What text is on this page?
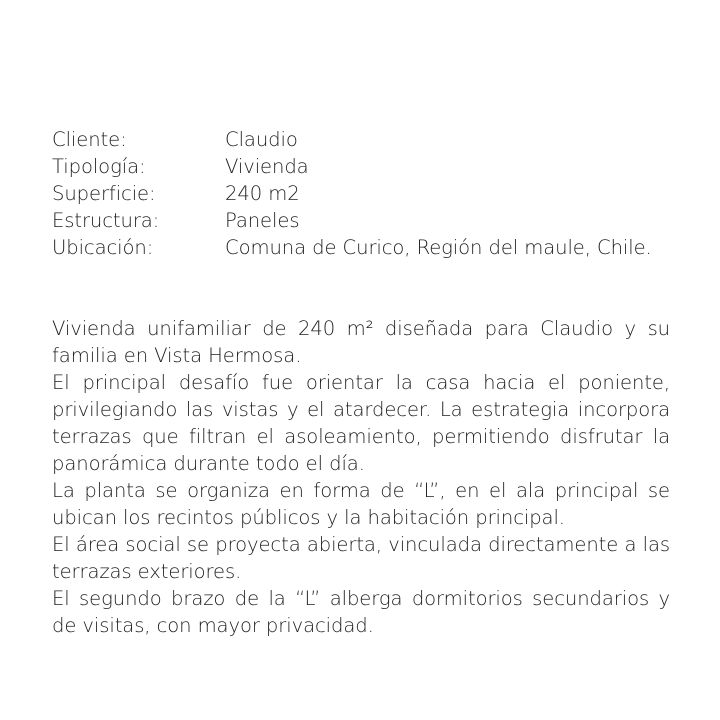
Cliente:	Claudio

Tipología:	Vivienda

Superficie:	240 m2

Estructura:	Paneles

Ubicación:	Comuna de Curico, Región del maule, Chile.

Vivienda unifamiliar de 240 m² diseñada para Claudio y su familia en Vista Hermosa.

El principal desafío fue orientar la casa hacia el poniente, privilegiando las vistas y el atardecer. La estrategia incorpora terrazas que filtran el asoleamiento, permitiendo disfrutar la panorámica durante todo el día.

La planta se organiza en forma de “L”, en el ala principal se ubican los recintos públicos y la habitación principal.

El área social se proyecta abierta, vinculada directamente a las terrazas exteriores.

El segundo brazo de la “L” alberga dormitorios secundarios y de visitas, con mayor privacidad.
